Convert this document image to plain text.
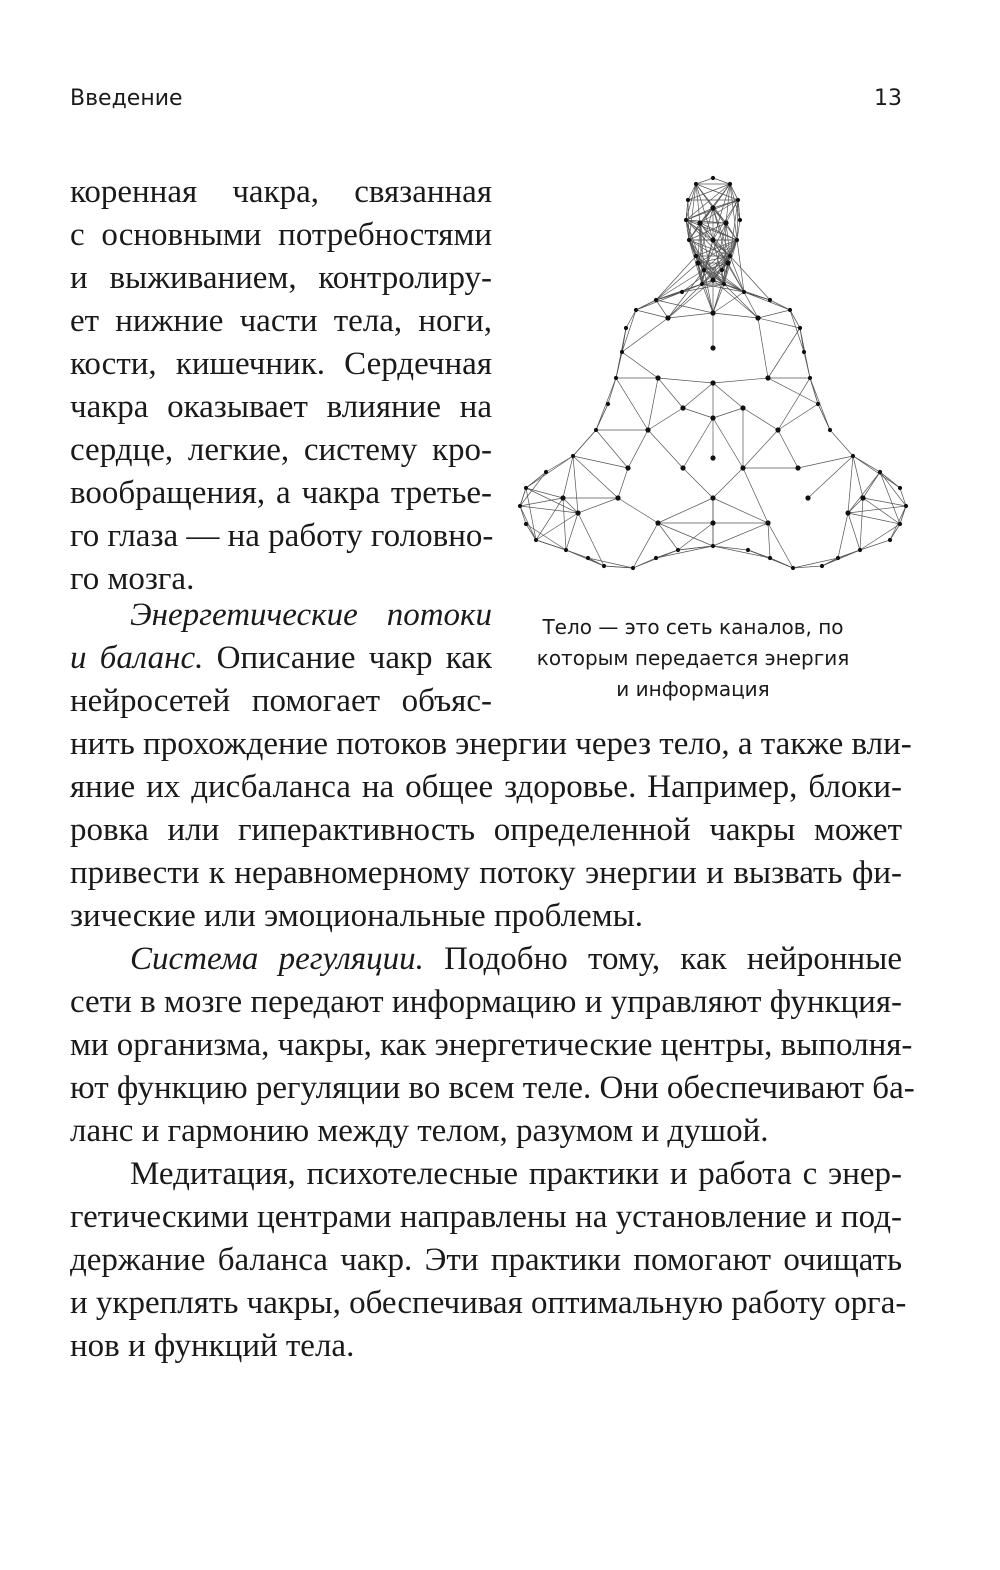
Введение	13
коренная чакра, связанная
с основными потребностями
и выживанием, контролиру-
ет нижние части тела, ноги,
кости, кишечник. Сердечная
чакра оказывает влияние на
сердце, легкие, систему кро-
вообращения, а чакра третье-
го глаза — на работу головно-
го мозга.
Энергетические потоки
и баланс. Описание чакр как
нейросетей помогает объяс-
нить прохождение потоков энергии через тело, а также вли-
яние их дисбаланса на общее здоровье. Например, блоки-
ровка или гиперактивность определенной чакры может
привести к неравномерному потоку энергии и вызвать фи-
зические или эмоциональные проблемы.
Система регуляции. Подобно тому, как нейронные
сети в мозге передают информацию и управляют функция-
ми организма, чакры, как энергетические центры, выполня-
ют функцию регуляции во всем теле. Они обеспечивают ба-
ланс и гармонию между телом, разумом и душой.
Медитация, психотелесные практики и работа с энер-
гетическими центрами направлены на установление и под-
держание баланса чакр. Эти практики помогают очищать
и укреплять чакры, обеспечивая оптимальную работу орга-
нов и функций тела.
Тело — это сеть каналов, по
которым передается энергия
и информация
